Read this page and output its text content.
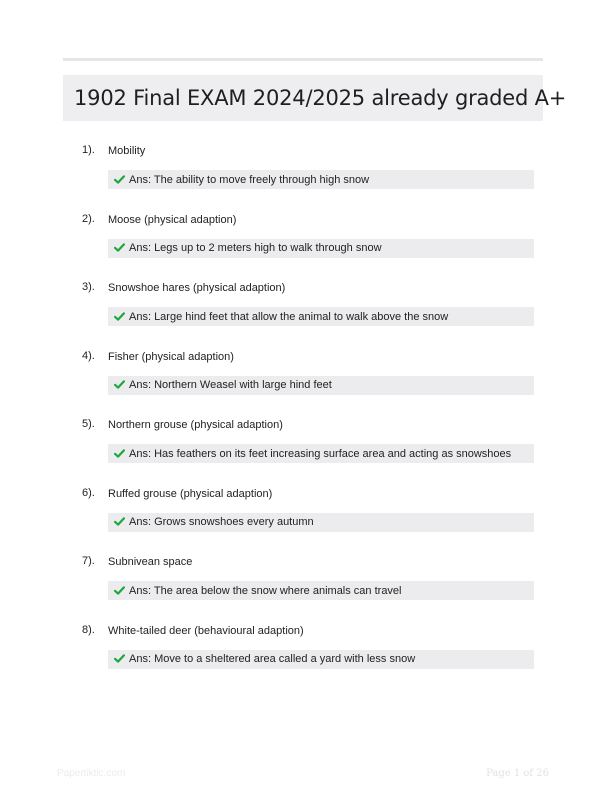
1902 Final EXAM 2024/2025 already graded A+
1). Mobility
Ans: The ability to move freely through high snow
2). Moose (physical adaption)
Ans: Legs up to 2 meters high to walk through snow
3). Snowshoe hares (physical adaption)
Ans: Large hind feet that allow the animal to walk above the snow
4). Fisher (physical adaption)
Ans: Northern Weasel with large hind feet
5). Northern grouse (physical adaption)
Ans: Has feathers on its feet increasing surface area and acting as snowshoes
6). Ruffed grouse (physical adaption)
Ans: Grows snowshoes every autumn
7). Subnivean space
Ans: The area below the snow where animals can travel
8). White-tailed deer (behavioural adaption)
Ans: Move to a sheltered area called a yard with less snow
Papertiktic.com	Page 1 of 26
